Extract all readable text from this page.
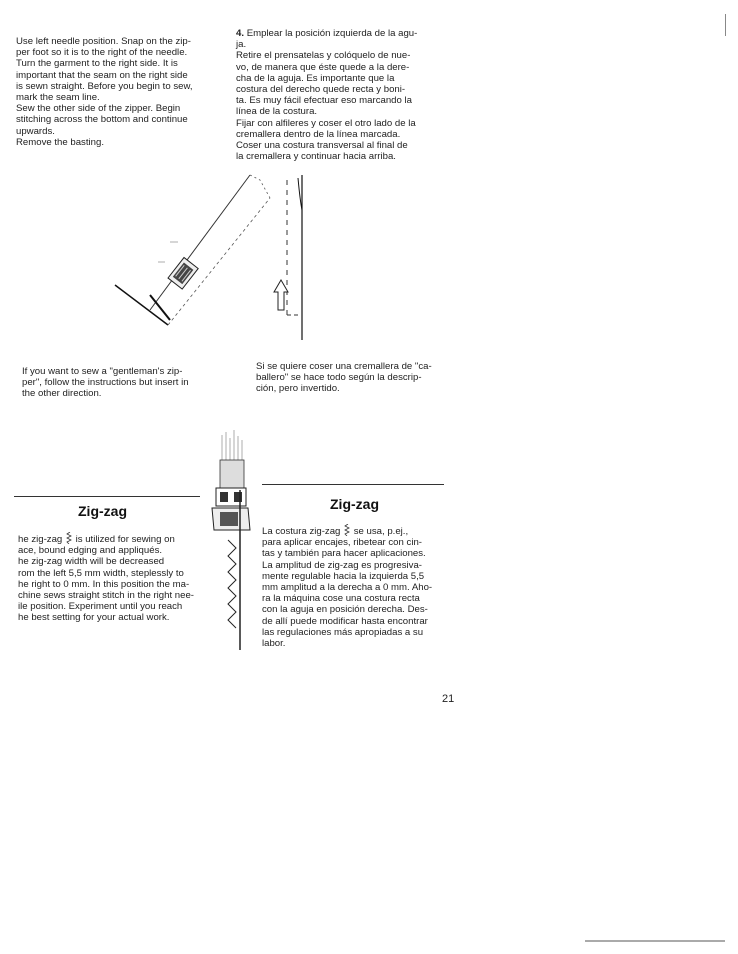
Use left needle position. Snap on the zip-

per foot so it is to the right of the needle.

Turn the garment to the right side. It is

important that the seam on the right side

is sewn straight. Before you begin to sew,

mark the seam line.

Sew the other side of the zipper. Begin

stitching across the bottom and continue

upwards.

Remove the basting.

4. Emplear la posición izquierda de la agu-

ja.

Retire el prensatelas y colóquelo de nue-

vo, de manera que éste quede a la dere-

cha de la aguja. Es importante que la

costura del derecho quede recta y boni-

ta. Es muy fácil efectuar eso marcando la

línea de la costura.

Fijar con alfileres y coser el otro lado de la

cremallera dentro de la línea marcada.

Coser una costura transversal al final de

la cremallera y continuar hacia arriba.

If you want to sew a "gentleman's zip-

per", follow the instructions but insert in

the other direction.

Si se quiere coser una cremallera de "ca-

ballero" se hace todo según la descrip-

ción, pero invertido.

Zig-zag	Zig-zag

he zig-zag is utilized for sewing on

ace, bound edging and appliqués.

he zig-zag width will be decreased

rom the left 5,5 mm width, steplessly to

he right to 0 mm. In this position the ma-

chine sews straight stitch in the right nee-

ile position. Experiment until you reach

he best setting for your actual work.

La costura zig-zag se usa, p.ej.,

para aplicar encajes, ribetear con cin-

tas y también para hacer aplicaciones.

La amplitud de zig-zag es progresiva-

mente regulable hacia la izquierda 5,5

mm amplitud a la derecha a 0 mm. Aho-

ra la máquina cose una costura recta

con la aguja en posición derecha. Des-

de allí puede modificar hasta encontrar

las regulaciones más apropiadas a su

labor.

21
